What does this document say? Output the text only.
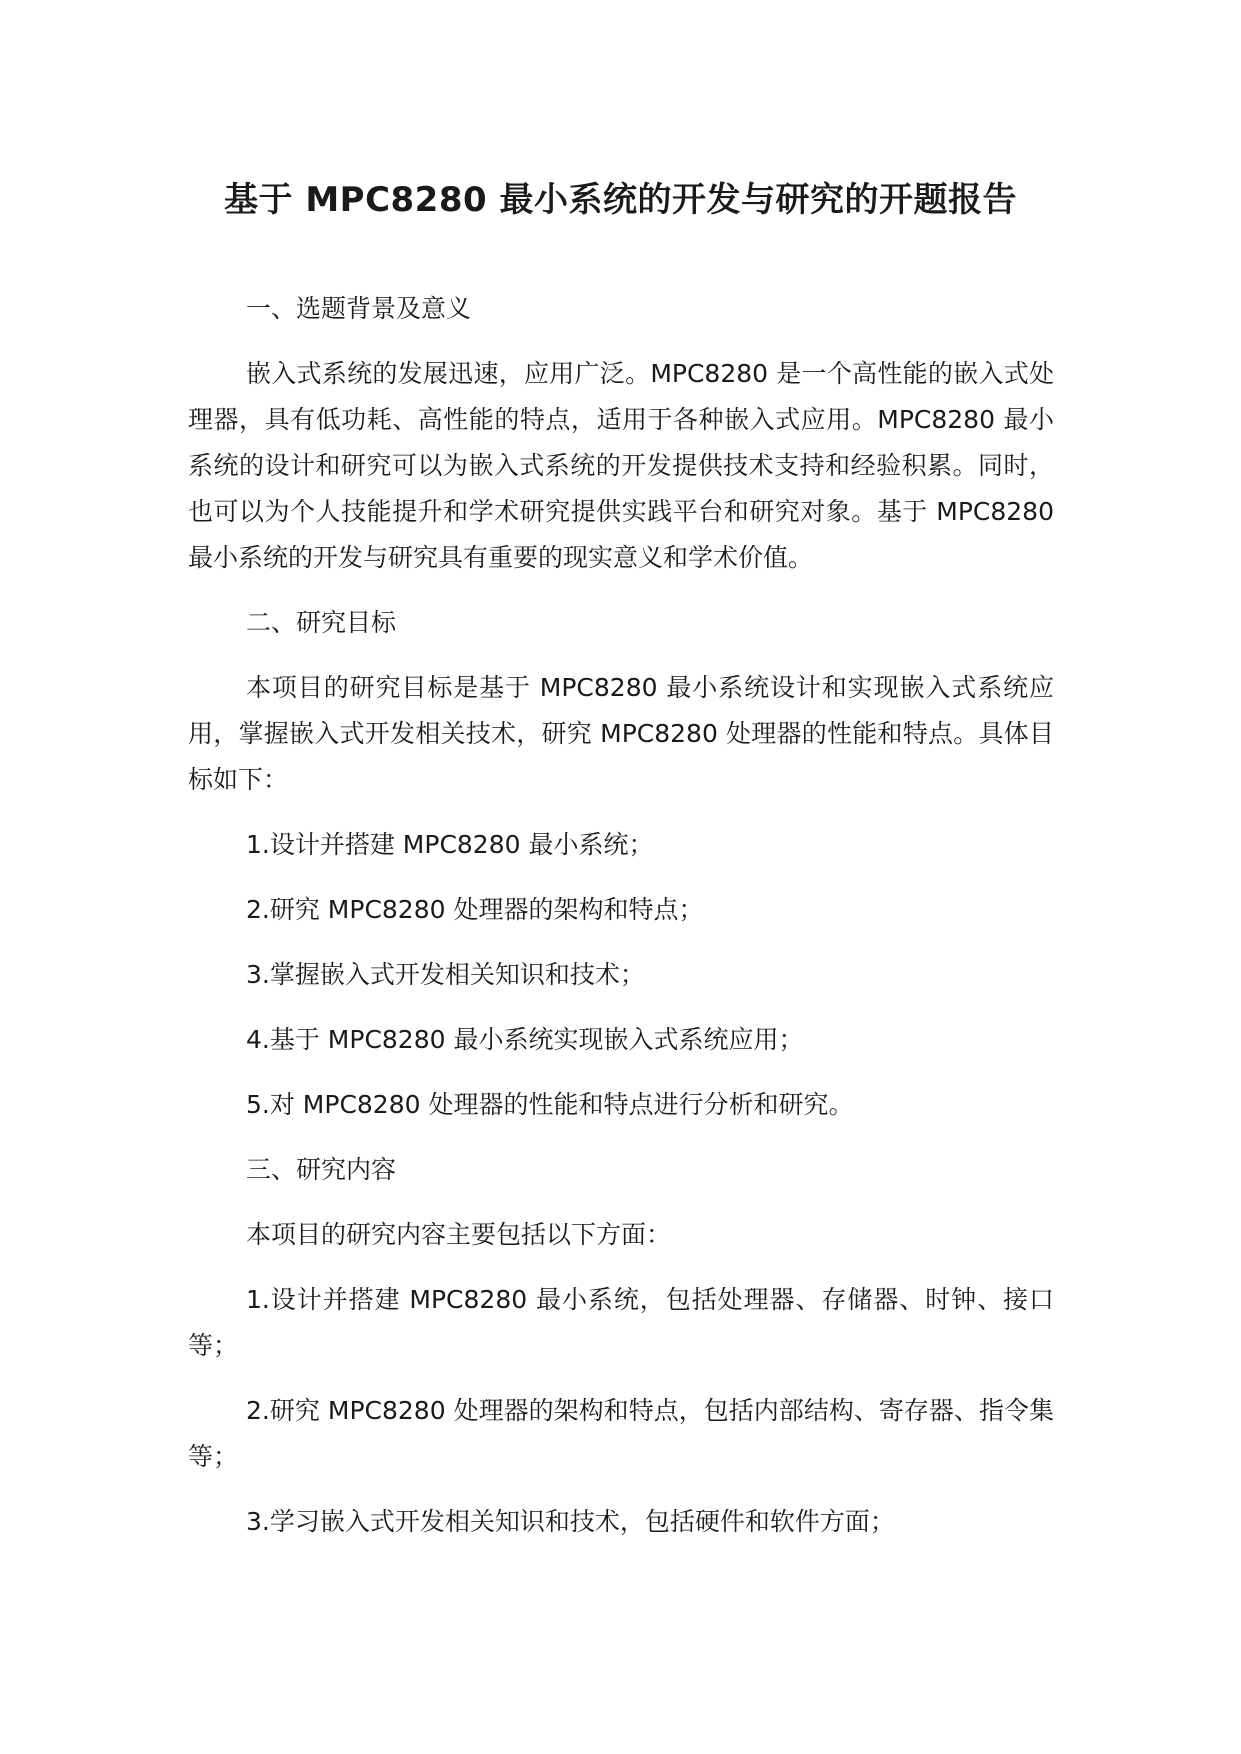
基于 MPC8280 最小系统的开发与研究的开题报告

一、选题背景及意义

嵌入式系统的发展迅速，应用广泛。MPC8280 是一个高性能的嵌入式处理器，具有低功耗、高性能的特点，适用于各种嵌入式应用。MPC8280 最小系统的设计和研究可以为嵌入式系统的开发提供技术支持和经验积累。同时，也可以为个人技能提升和学术研究提供实践平台和研究对象。基于 MPC8280 最小系统的开发与研究具有重要的现实意义和学术价值。

二、研究目标

本项目的研究目标是基于 MPC8280 最小系统设计和实现嵌入式系统应用，掌握嵌入式开发相关技术，研究 MPC8280 处理器的性能和特点。具体目标如下：

1.设计并搭建 MPC8280 最小系统；

2.研究 MPC8280 处理器的架构和特点；

3.掌握嵌入式开发相关知识和技术；

4.基于 MPC8280 最小系统实现嵌入式系统应用；

5.对 MPC8280 处理器的性能和特点进行分析和研究。

三、研究内容

本项目的研究内容主要包括以下方面：

1.设计并搭建 MPC8280 最小系统，包括处理器、存储器、时钟、接口等；

2.研究 MPC8280 处理器的架构和特点，包括内部结构、寄存器、指令集等；

3.学习嵌入式开发相关知识和技术，包括硬件和软件方面；
